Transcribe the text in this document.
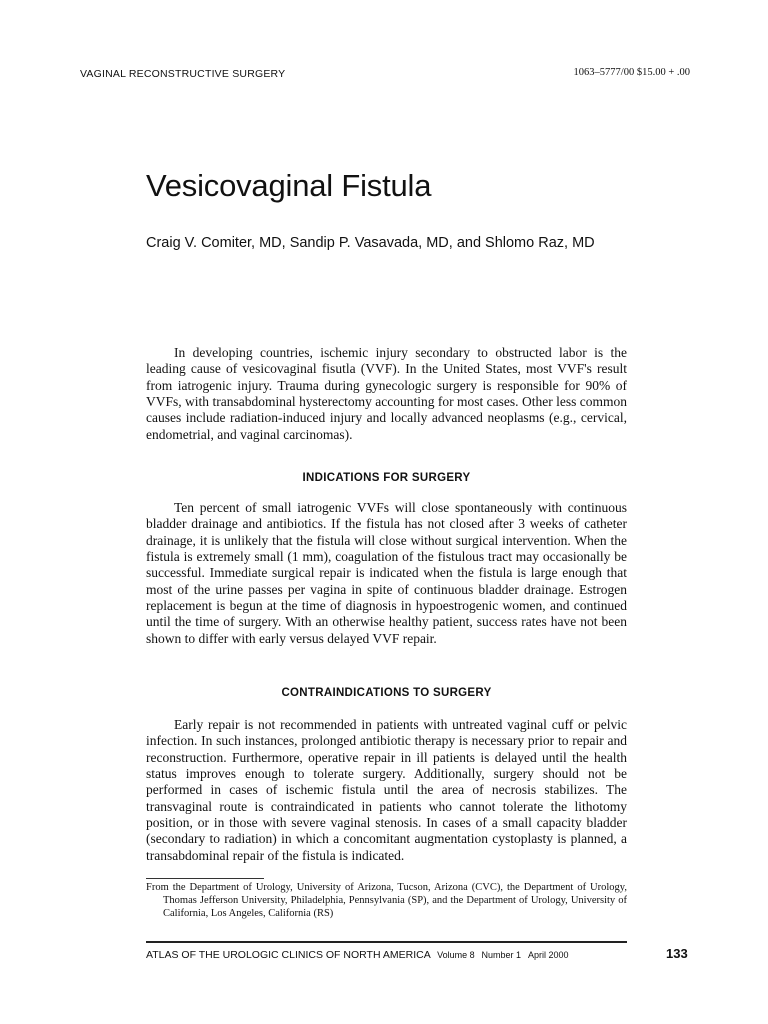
VAGINAL RECONSTRUCTIVE SURGERY	1063–5777/00 $15.00 + .00
Vesicovaginal Fistula
Craig V. Comiter, MD, Sandip P. Vasavada, MD, and Shlomo Raz, MD

In developing countries, ischemic injury secondary to obstructed labor is the leading cause of vesicovaginal fisutla (VVF). In the United States, most VVF's result from iatrogenic injury. Trauma during gynecologic surgery is responsible for 90% of VVFs, with transabdominal hysterectomy accounting for most cases. Other less common causes include radiation-induced injury and locally advanced neoplasms (e.g., cervical, endometrial, and vaginal carcinomas).

INDICATIONS FOR SURGERY

Ten percent of small iatrogenic VVFs will close spontaneously with continuous bladder drainage and antibiotics. If the fistula has not closed after 3 weeks of catheter drainage, it is unlikely that the fistula will close without surgical intervention. When the fistula is extremely small (1 mm), coagulation of the fistulous tract may occasionally be successful. Immediate surgical repair is indicated when the fistula is large enough that most of the urine passes per vagina in spite of continuous bladder drainage. Estrogen replacement is begun at the time of diagnosis in hypoestrogenic women, and continued until the time of surgery. With an otherwise healthy patient, success rates have not been shown to differ with early versus delayed VVF repair.

CONTRAINDICATIONS TO SURGERY

Early repair is not recommended in patients with untreated vaginal cuff or pelvic infection. In such instances, prolonged antibiotic therapy is necessary prior to repair and reconstruction. Furthermore, operative repair in ill patients is delayed until the health status improves enough to tolerate surgery. Additionally, surgery should not be performed in cases of ischemic fistula until the area of necrosis stabilizes. The transvaginal route is contraindicated in patients who cannot tolerate the lithotomy position, or in those with severe vaginal stenosis. In cases of a small capacity bladder (secondary to radiation) in which a concomitant augmentation cystoplasty is planned, a transabdominal repair of the fistula is indicated.

From the Department of Urology, University of Arizona, Tucson, Arizona (CVC), the Department of Urology, Thomas Jefferson University, Philadelphia, Pennsylvania (SP), and the Department of Urology, University of California, Los Angeles, California (RS)

ATLAS OF THE UROLOGIC CLINICS OF NORTH AMERICA Volume 8 Number 1 April 2000	133
